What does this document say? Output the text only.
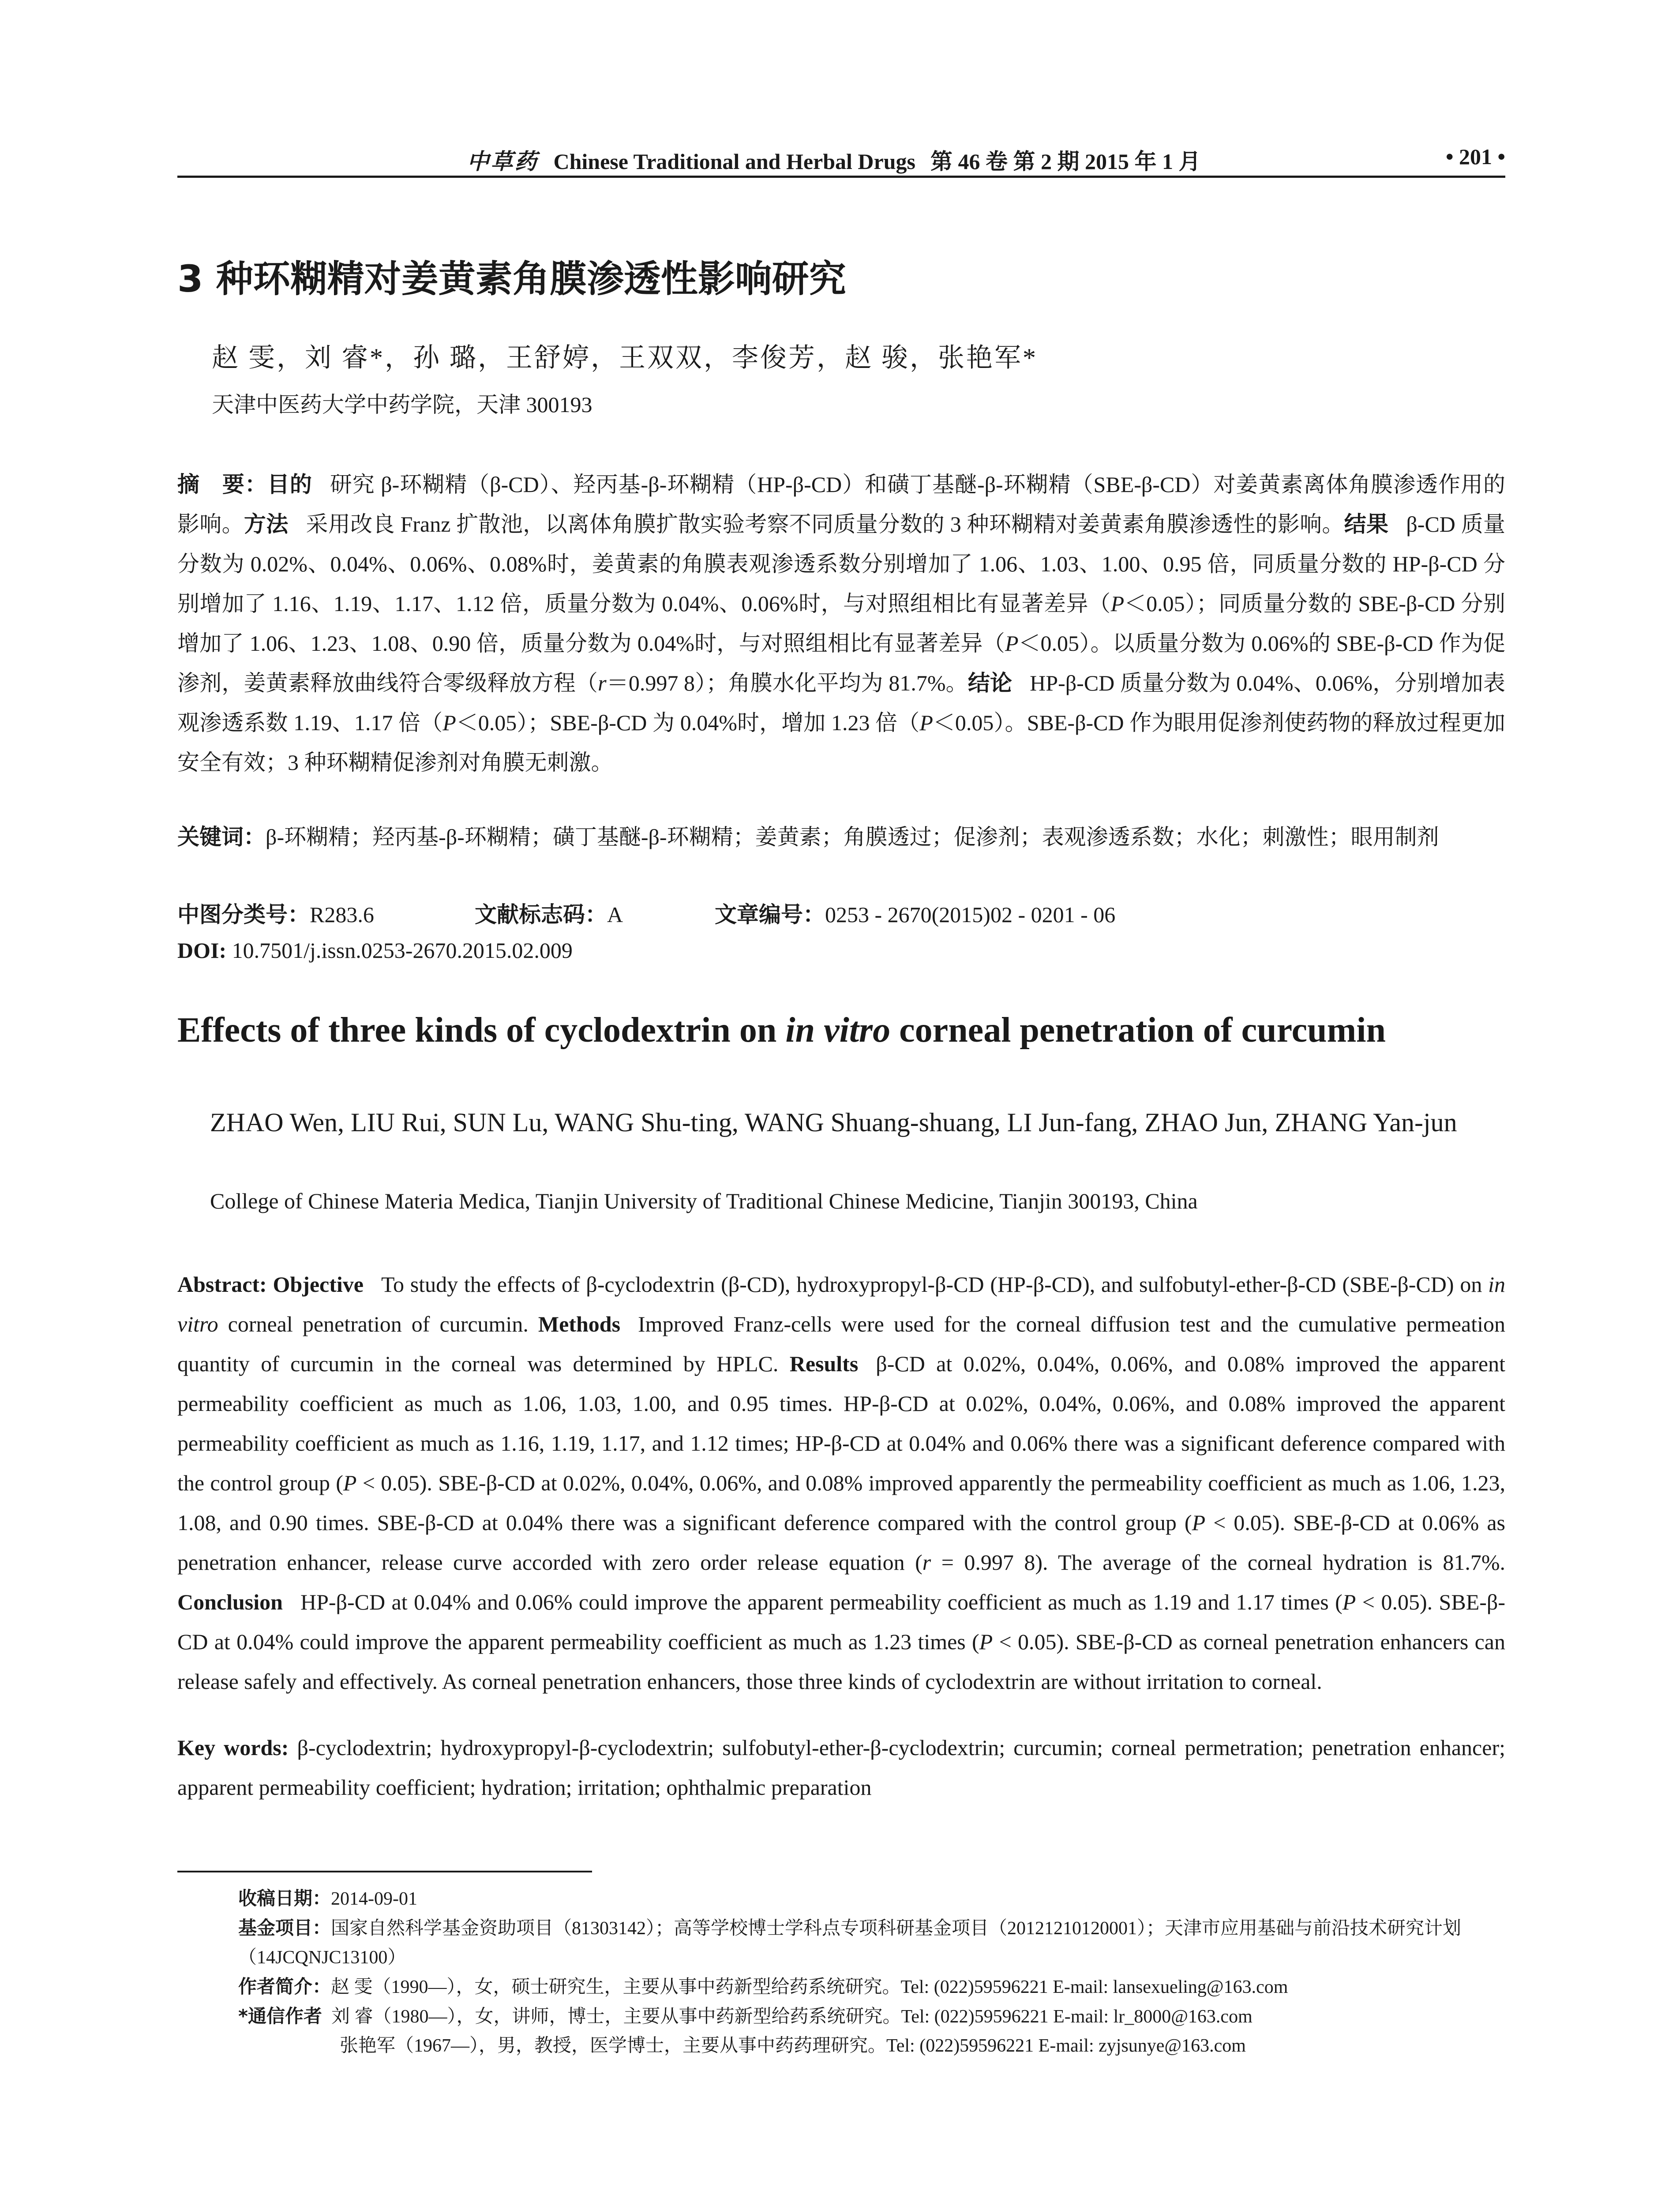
中草药 Chinese Traditional and Herbal Drugs 第 46 卷 第 2 期 2015 年 1 月	• 201 •
3 种环糊精对姜黄素角膜渗透性影响研究
赵 雯，刘 睿*，孙 璐，王舒婷，王双双，李俊芳，赵 骏，张艳军*
天津中医药大学中药学院，天津 300193
摘　要：目的 研究 β-环糊精（β-CD）、羟丙基-β-环糊精（HP-β-CD）和磺丁基醚-β-环糊精（SBE-β-CD）对姜黄素离体角膜渗透作用的影响。方法 采用改良 Franz 扩散池，以离体角膜扩散实验考察不同质量分数的 3 种环糊精对姜黄素角膜渗透性的影响。结果 β-CD 质量分数为 0.02%、0.04%、0.06%、0.08%时，姜黄素的角膜表观渗透系数分别增加了 1.06、1.03、1.00、0.95 倍，同质量分数的 HP-β-CD 分别增加了 1.16、1.19、1.17、1.12 倍，质量分数为 0.04%、0.06%时，与对照组相比有显著差异（P＜0.05）；同质量分数的 SBE-β-CD 分别增加了 1.06、1.23、1.08、0.90 倍，质量分数为 0.04%时，与对照组相比有显著差异（P＜0.05）。以质量分数为 0.06%的 SBE-β-CD 作为促渗剂，姜黄素释放曲线符合零级释放方程（r＝0.997 8）；角膜水化平均为 81.7%。结论 HP-β-CD 质量分数为 0.04%、0.06%，分别增加表观渗透系数 1.19、1.17 倍（P＜0.05）；SBE-β-CD 为 0.04%时，增加 1.23 倍（P＜0.05）。SBE-β-CD 作为眼用促渗剂使药物的释放过程更加安全有效；3 种环糊精促渗剂对角膜无刺激。
关键词：β-环糊精；羟丙基-β-环糊精；磺丁基醚-β-环糊精；姜黄素；角膜透过；促渗剂；表观渗透系数；水化；刺激性；眼用制剂
中图分类号：R283.6	文献标志码：A	文章编号：0253 - 2670(2015)02 - 0201 - 06
DOI: 10.7501/j.issn.0253-2670.2015.02.009
Effects of three kinds of cyclodextrin on in vitro corneal penetration of curcumin
ZHAO Wen, LIU Rui, SUN Lu, WANG Shu-ting, WANG Shuang-shuang, LI Jun-fang, ZHAO Jun, ZHANG Yan-jun
College of Chinese Materia Medica, Tianjin University of Traditional Chinese Medicine, Tianjin 300193, China
Abstract: Objective To study the effects of β-cyclodextrin (β-CD), hydroxypropyl-β-CD (HP-β-CD), and sulfobutyl-ether-β-CD (SBE-β-CD) on in vitro corneal penetration of curcumin. Methods Improved Franz-cells were used for the corneal diffusion test and the cumulative permeation quantity of curcumin in the corneal was determined by HPLC. Results β-CD at 0.02%, 0.04%, 0.06%, and 0.08% improved the apparent permeability coefficient as much as 1.06, 1.03, 1.00, and 0.95 times. HP-β-CD at 0.02%, 0.04%, 0.06%, and 0.08% improved the apparent permeability coefficient as much as 1.16, 1.19, 1.17, and 1.12 times; HP-β-CD at 0.04% and 0.06% there was a significant deference compared with the control group (P < 0.05). SBE-β-CD at 0.02%, 0.04%, 0.06%, and 0.08% improved apparently the permeability coefficient as much as 1.06, 1.23, 1.08, and 0.90 times. SBE-β-CD at 0.04% there was a significant deference compared with the control group (P < 0.05). SBE-β-CD at 0.06% as penetration enhancer, release curve accorded with zero order release equation (r = 0.997 8). The average of the corneal hydration is 81.7%. Conclusion HP-β-CD at 0.04% and 0.06% could improve the apparent permeability coefficient as much as 1.19 and 1.17 times (P < 0.05). SBE-β-CD at 0.04% could improve the apparent permeability coefficient as much as 1.23 times (P < 0.05). SBE-β-CD as corneal penetration enhancers can release safely and effectively. As corneal penetration enhancers, those three kinds of cyclodextrin are without irritation to corneal.
Key words: β-cyclodextrin; hydroxypropyl-β-cyclodextrin; sulfobutyl-ether-β-cyclodextrin; curcumin; corneal permetration; penetration enhancer; apparent permeability coefficient; hydration; irritation; ophthalmic preparation
收稿日期：2014-09-01
基金项目：国家自然科学基金资助项目（81303142）；高等学校博士学科点专项科研基金项目（20121210120001）；天津市应用基础与前沿技术研究计划（14JCQNJC13100）
作者简介：赵 雯（1990—），女，硕士研究生，主要从事中药新型给药系统研究。Tel: (022)59596221 E-mail: lansexueling@163.com
*通信作者 刘 睿（1980—），女，讲师，博士，主要从事中药新型给药系统研究。Tel: (022)59596221 E-mail: lr_8000@163.com
张艳军（1967—），男，教授，医学博士，主要从事中药药理研究。Tel: (022)59596221 E-mail: zyjsunye@163.com
